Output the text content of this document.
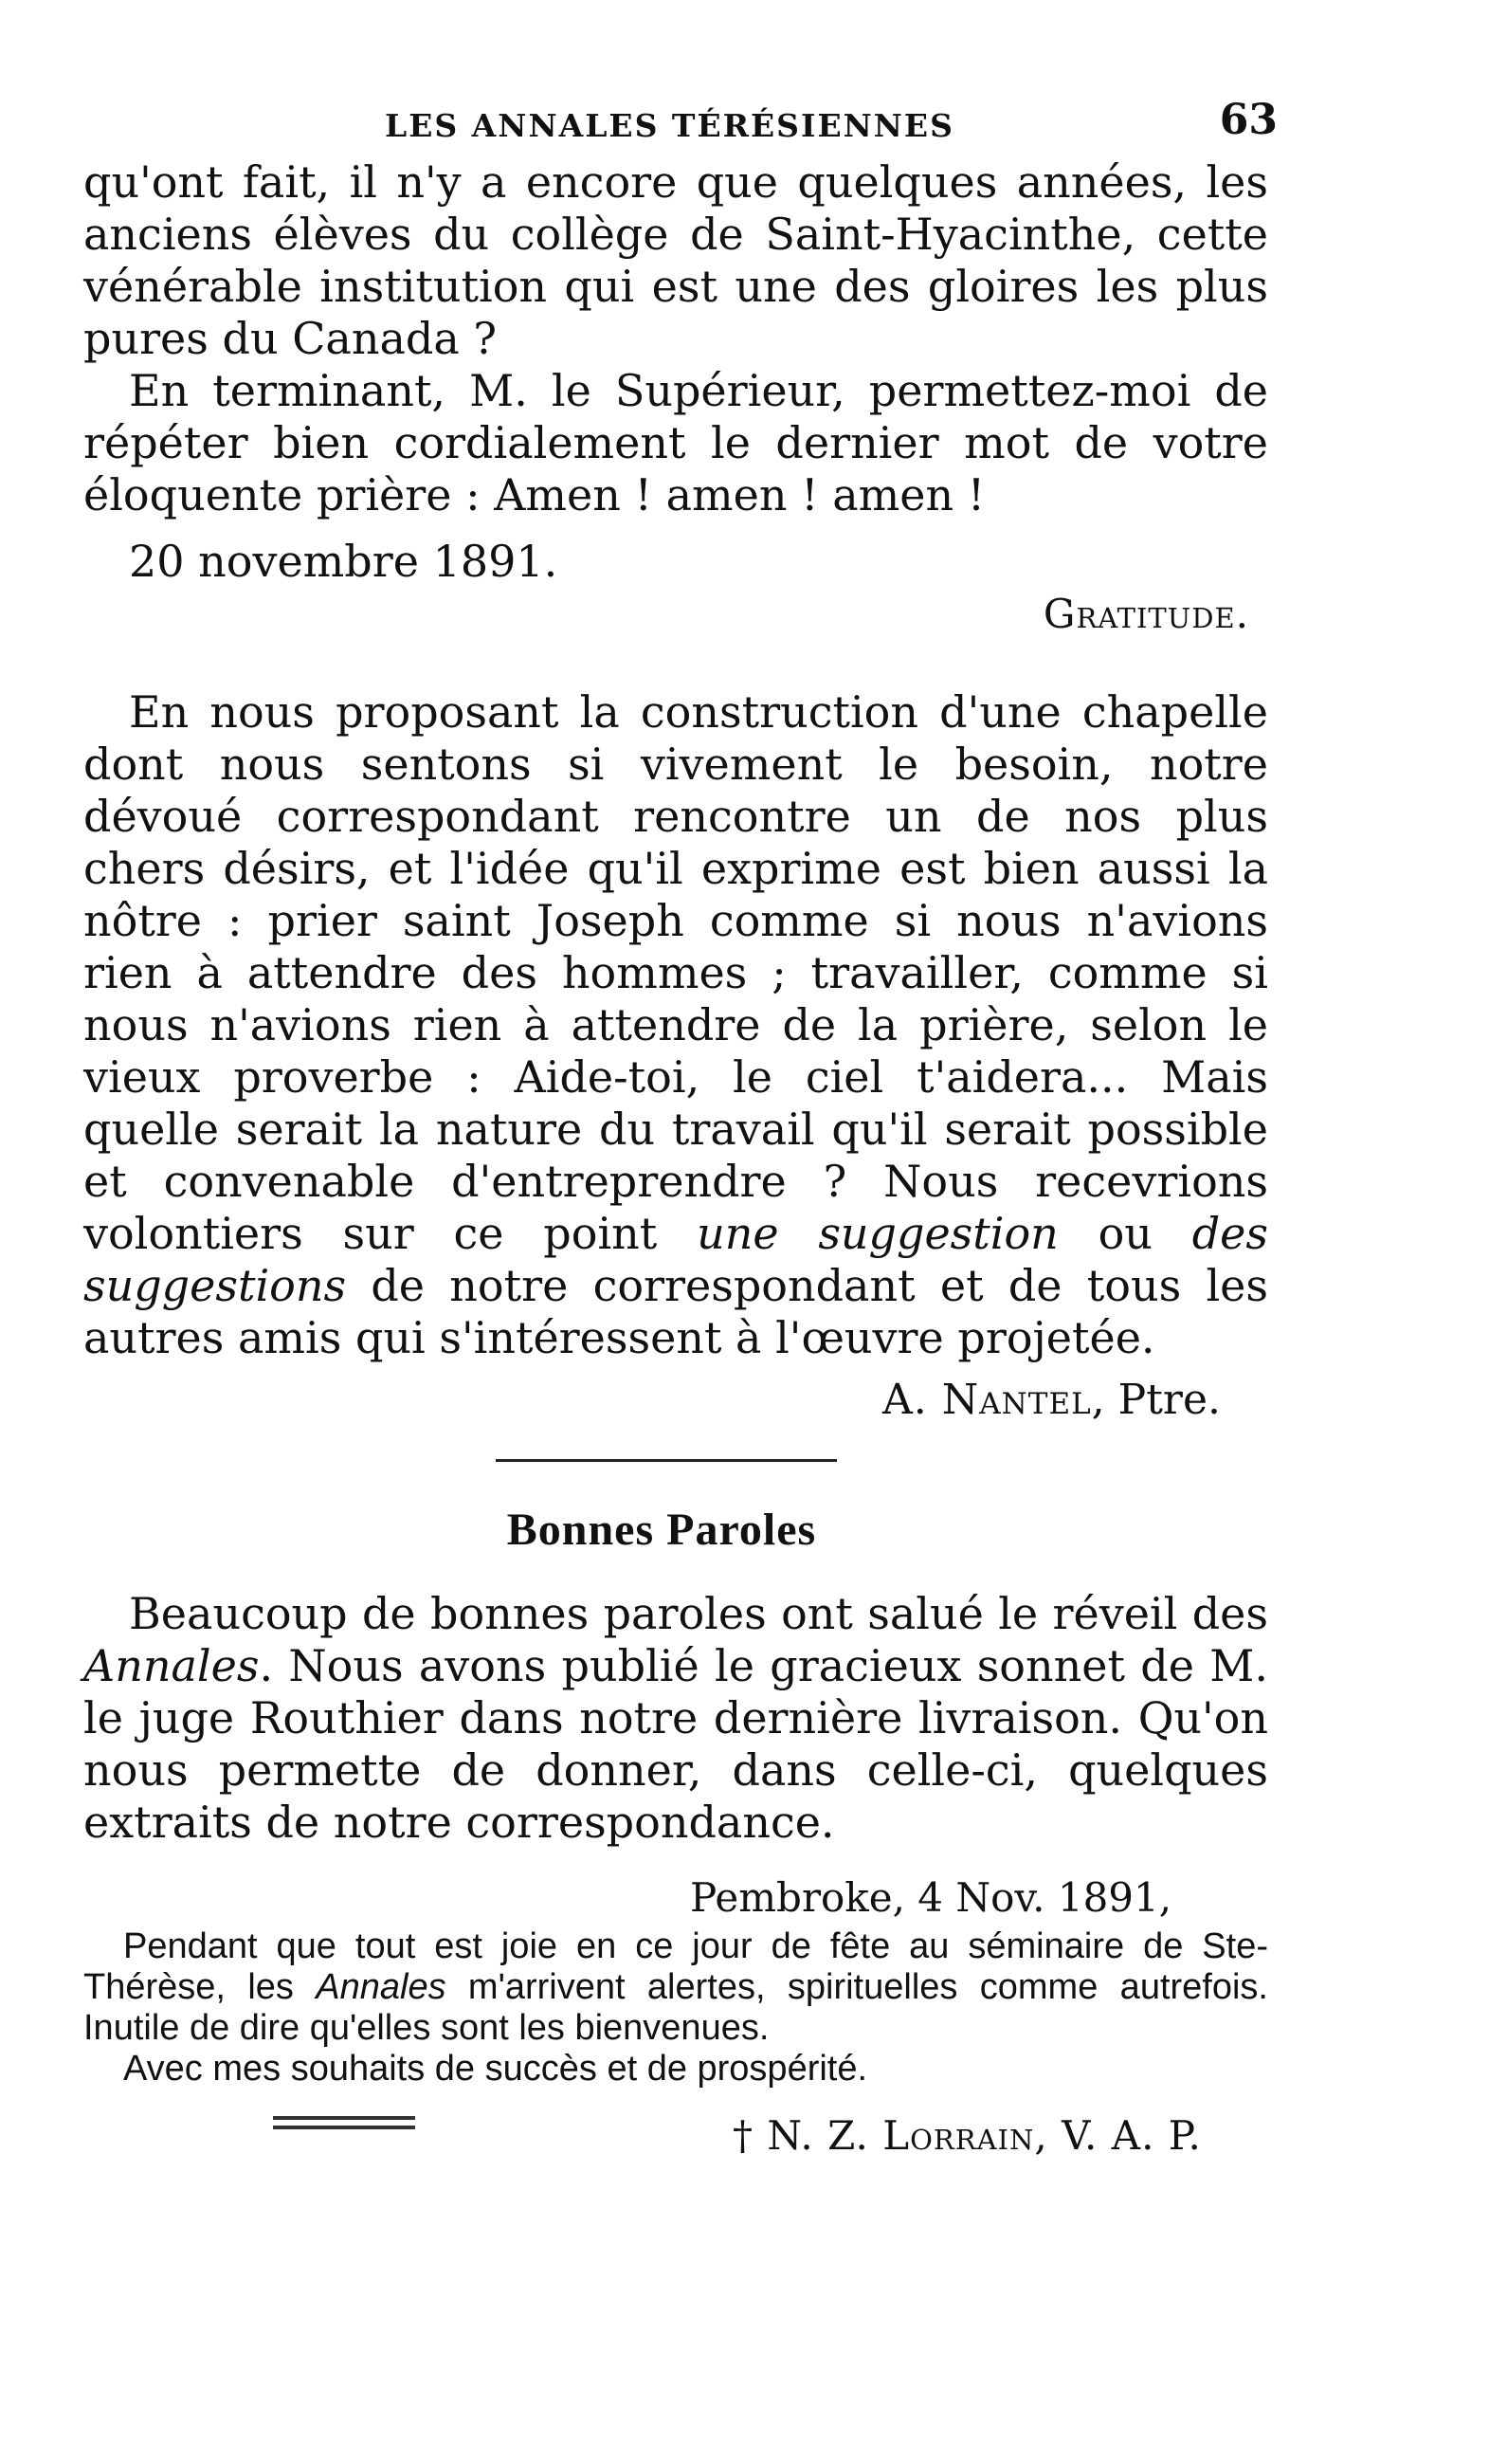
LES ANNALES TÉRÉSIENNES	63

qu'ont fait, il n'y a encore que quelques années, les anciens élèves du collège de Saint-Hyacinthe, cette vénérable institution qui est une des gloires les plus pures du Canada ?

En terminant, M. le Supérieur, permettez-moi de répéter bien cordialement le dernier mot de votre éloquente prière : Amen ! amen ! amen !

20 novembre 1891.
Gratitude.

En nous proposant la construction d'une chapelle dont nous sentons si vivement le besoin, notre dévoué correspondant rencontre un de nos plus chers désirs, et l'idée qu'il exprime est bien aussi la nôtre : prier saint Joseph comme si nous n'avions rien à attendre des hommes ; travailler, comme si nous n'avions rien à attendre de la prière, selon le vieux proverbe : Aide-toi, le ciel t'aidera... Mais quelle serait la nature du travail qu'il serait possible et convenable d'entreprendre ? Nous recevrions volontiers sur ce point une suggestion ou des suggestions de notre correspondant et de tous les autres amis qui s'intéressent à l'œuvre projetée.

A. Nantel, Ptre.
Bonnes Paroles

Beaucoup de bonnes paroles ont salué le réveil des Annales. Nous avons publié le gracieux sonnet de M. le juge Routhier dans notre dernière livraison. Qu'on nous permette de donner, dans celle-ci, quelques extraits de notre correspondance.

Pembroke, 4 Nov. 1891,

Pendant que tout est joie en ce jour de fête au séminaire de Ste-Thérèse, les Annales m'arrivent alertes, spirituelles comme autrefois. Inutile de dire qu'elles sont les bienvenues.

Avec mes souhaits de succès et de prospérité.

† N. Z. Lorrain, V. A. P.
